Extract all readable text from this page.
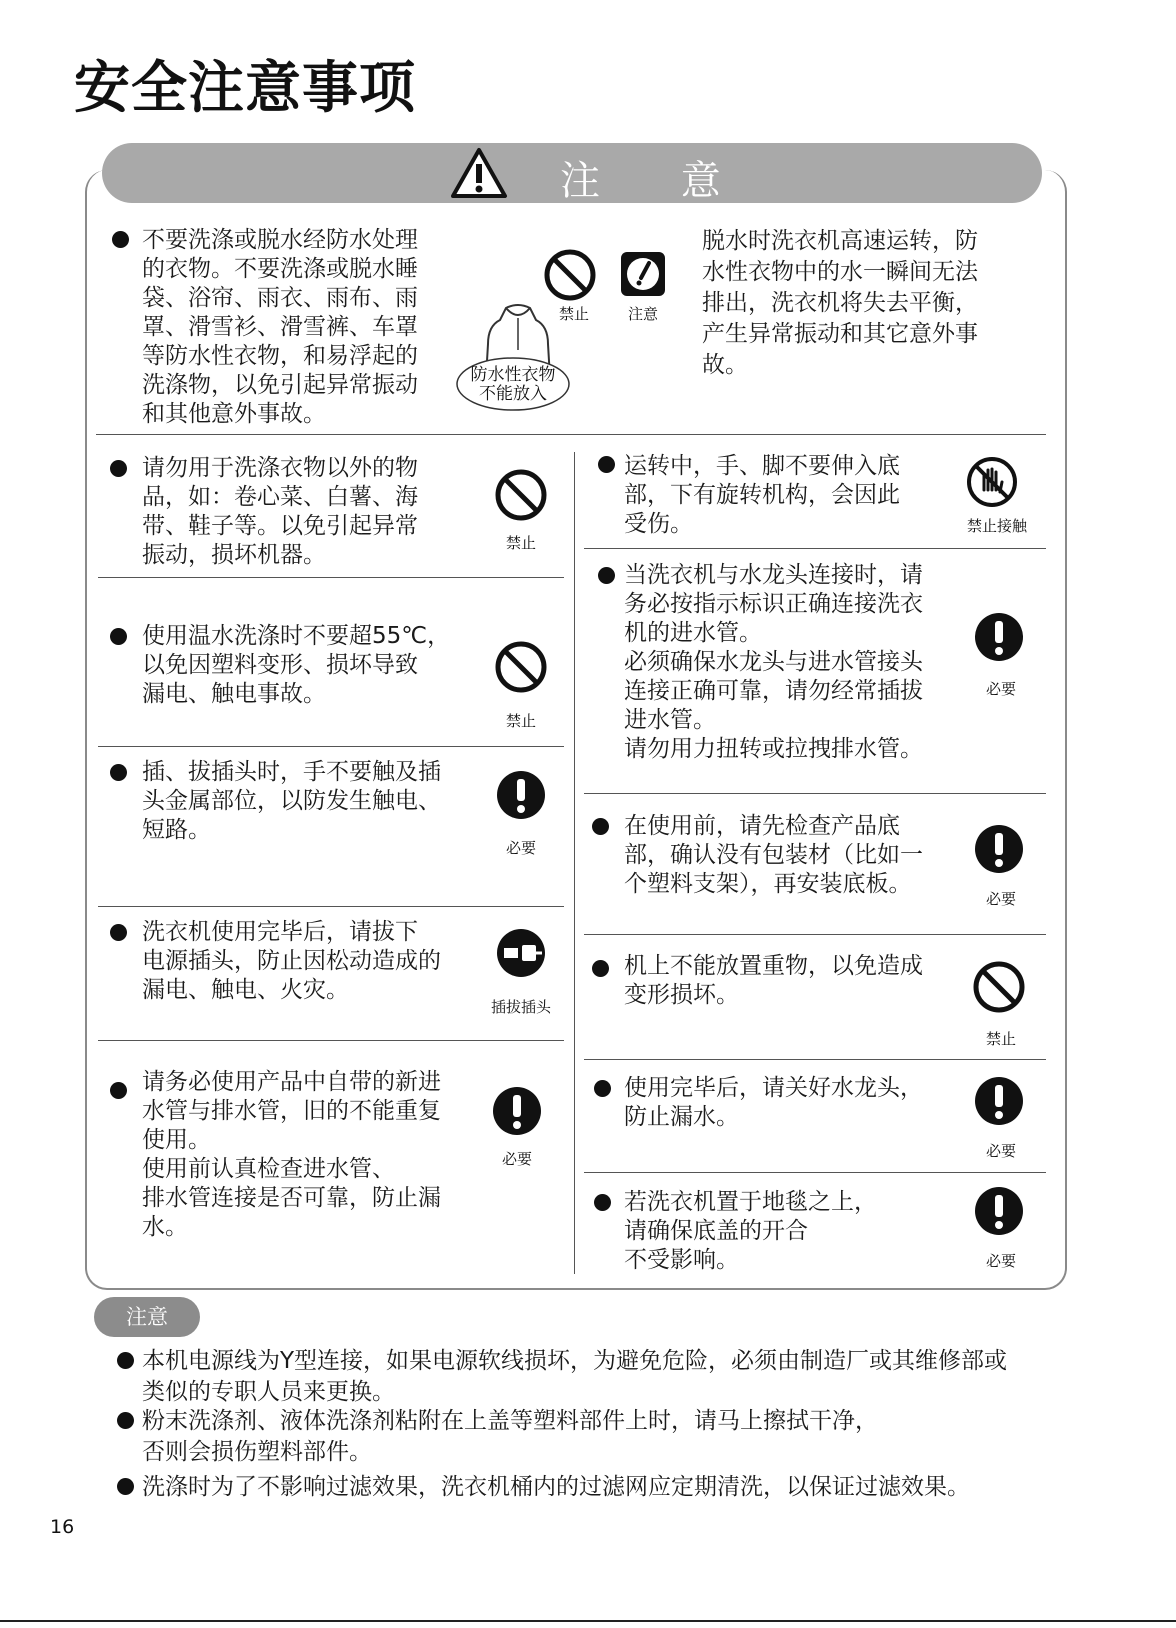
安全注意事项
注 意
不要洗涤或脱水经防水处理
的衣物。不要洗涤或脱水睡
袋、浴帘、雨衣、雨布、雨
罩、滑雪衫、滑雪裤、车罩
等防水性衣物，和易浮起的
洗涤物，以免引起异常振动
和其他意外事故。
禁止	注意
防水性衣物
不能放入
脱水时洗衣机高速运转，防
水性衣物中的水一瞬间无法
排出，洗衣机将失去平衡，
产生异常振动和其它意外事
故。
请勿用于洗涤衣物以外的物
品，如：卷心菜、白薯、海
带、鞋子等。以免引起异常
振动，损坏机器。	禁止
使用温水洗涤时不要超55℃，
以免因塑料变形、损坏导致
漏电、触电事故。
禁止
插、拔插头时，手不要触及插
头金属部位，以防发生触电、
短路。
必要
洗衣机使用完毕后，请拔下
电源插头，防止因松动造成的
漏电、触电、火灾。
插拔插头
请务必使用产品中自带的新进
水管与排水管，旧的不能重复
使用。
使用前认真检查进水管、
排水管连接是否可靠，防止漏
水。
必要
运转中，手、脚不要伸入底
部，下有旋转机构，会因此
受伤。	禁止接触
当洗衣机与水龙头连接时，请
务必按指示标识正确连接洗衣
机的进水管。
必须确保水龙头与进水管接头
连接正确可靠，请勿经常插拔
进水管。
请勿用力扭转或拉拽排水管。
必要
在使用前，请先检查产品底
部，确认没有包装材（比如一
个塑料支架），再安装底板。
必要
机上不能放置重物，以免造成
变形损坏。
禁止
使用完毕后，请关好水龙头，
防止漏水。
必要
若洗衣机置于地毯之上，
请确保底盖的开合
不受影响。	必要
注意
本机电源线为Y型连接，如果电源软线损坏，为避免危险，必须由制造厂或其维修部或
类似的专职人员来更换。
粉末洗涤剂、液体洗涤剂粘附在上盖等塑料部件上时，请马上擦拭干净，
否则会损伤塑料部件。
洗涤时为了不影响过滤效果，洗衣机桶内的过滤网应定期清洗，以保证过滤效果。
16
